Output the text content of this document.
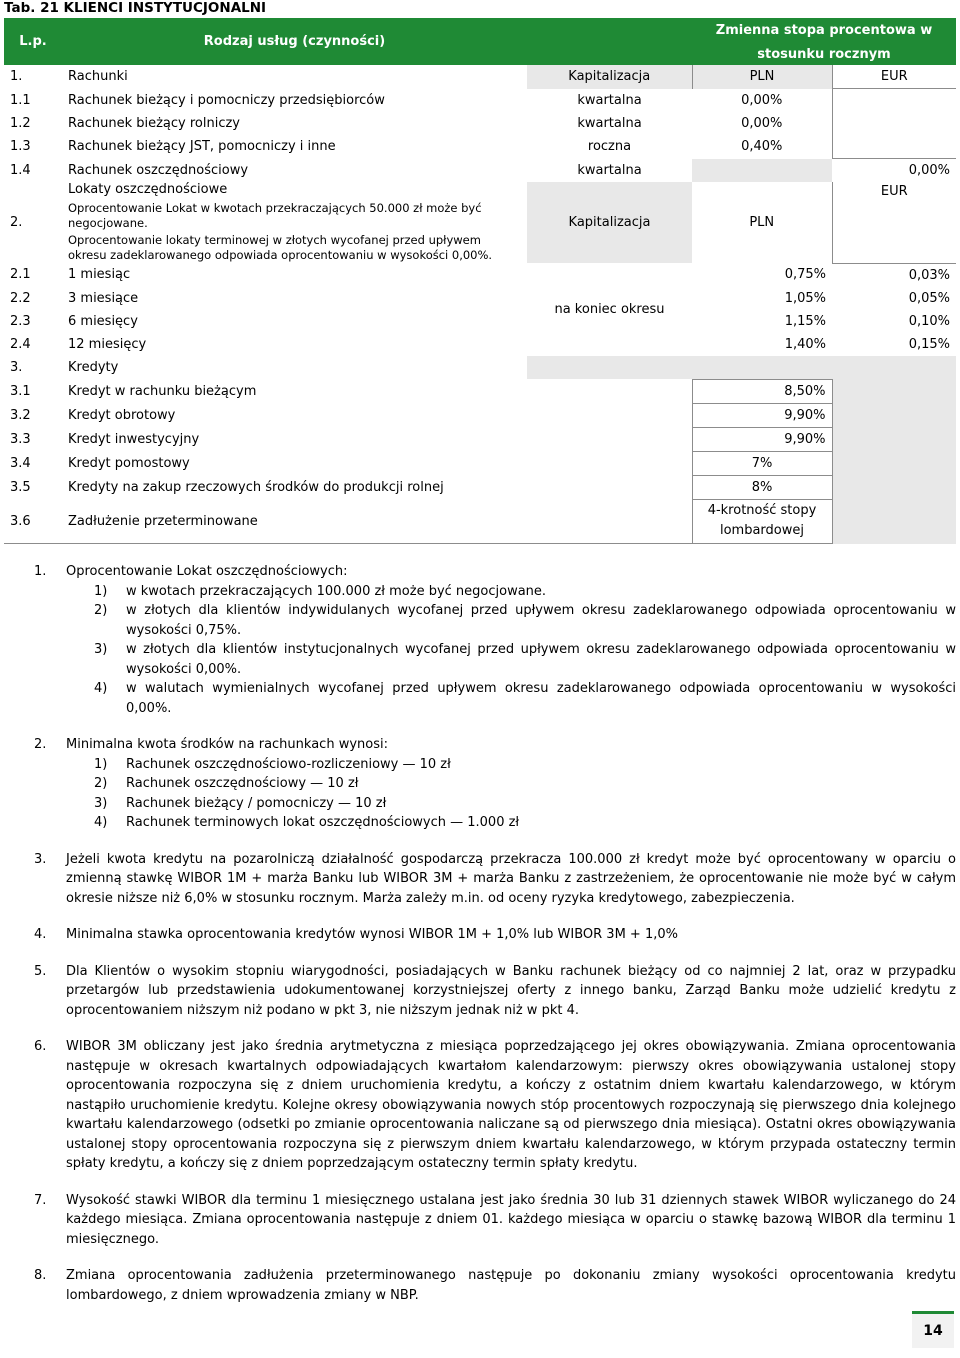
Tab. 21 KLIENCI INSTYTUCJONALNI
L.p.	Rodzaj usług (czynności)		Zmienna stopa procentowa w	
			stosunku rocznym	
1.	Rachunki	Kapitalizacja	PLN	EUR
1.1	Rachunek bieżący i pomocniczy przedsiębiorców	kwartalna	0,00%	
1.2	Rachunek bieżący rolniczy	kwartalna	0,00%	
1.3	Rachunek bieżący JST, pomocniczy i inne	roczna	0,40%	
1.4	Rachunek oszczędnościowy	kwartalna		0,00%
2.	Lokaty oszczędnościowe
Oprocentowanie Lokat w kwotach przekraczających 50.000 zł może być negocjowane.
Oprocentowanie lokaty terminowej w złotych wycofanej przed upływem okresu zadeklarowanego odpowiada oprocentowaniu w wysokości 0,00%.	Kapitalizacja	PLN	EUR
2.1	1 miesiąc	na koniec okresu	0,75%	0,03%
2.2	3 miesiące		1,05%	0,05%
2.3	6 miesięcy		1,15%	0,10%
2.4	12 miesięcy		1,40%	0,15%
3.	Kredyty			
3.1	Kredyt w rachunku bieżącym		8,50%	
3.2	Kredyt obrotowy		9,90%	
3.3	Kredyt inwestycyjny		9,90%	
3.4	Kredyt pomostowy		7%	
3.5	Kredyty na zakup rzeczowych środków do produkcji rolnej		8%	
3.6	Zadłużenie przeterminowane		4-krotność stopy
lombardowej	

1. Oprocentowanie Lokat oszczędnościowych:
1) w kwotach przekraczających 100.000 zł może być negocjowane.
2) w złotych dla klientów indywidulanych wycofanej przed upływem okresu zadeklarowanego odpowiada oprocentowaniu w wysokości 0,75%.
3) w złotych dla klientów instytucjonalnych wycofanej przed upływem okresu zadeklarowanego odpowiada oprocentowaniu w wysokości 0,00%.
4) w walutach wymienialnych wycofanej przed upływem okresu zadeklarowanego odpowiada oprocentowaniu w wysokości 0,00%.
2. Minimalna kwota środków na rachunkach wynosi:
1) Rachunek oszczędnościowo-rozliczeniowy — 10 zł
2) Rachunek oszczędnościowy — 10 zł
3) Rachunek bieżący / pomocniczy — 10 zł
4) Rachunek terminowych lokat oszczędnościowych — 1.000 zł
3. Jeżeli kwota kredytu na pozarolniczą działalność gospodarczą przekracza 100.000 zł kredyt może być oprocentowany w oparciu o zmienną stawkę WIBOR 1M + marża Banku lub WIBOR 3M + marża Banku z zastrzeżeniem, że oprocentowanie nie może być w całym okresie niższe niż 6,0% w stosunku rocznym. Marża zależy m.in. od oceny ryzyka kredytowego, zabezpieczenia.
4. Minimalna stawka oprocentowania kredytów wynosi WIBOR 1M + 1,0% lub WIBOR 3M + 1,0%
5. Dla Klientów o wysokim stopniu wiarygodności, posiadających w Banku rachunek bieżący od co najmniej 2 lat, oraz w przypadku przetargów lub przedstawienia udokumentowanej korzystniejszej oferty z innego banku, Zarząd Banku może udzielić kredytu z oprocentowaniem niższym niż podano w pkt 3, nie niższym jednak niż w pkt 4.
6. WIBOR 3M obliczany jest jako średnia arytmetyczna z miesiąca poprzedzającego jej okres obowiązywania. Zmiana oprocentowania następuje w okresach kwartalnych odpowiadających kwartałom kalendarzowym: pierwszy okres obowiązywania ustalonej stopy oprocentowania rozpoczyna się z dniem uruchomienia kredytu, a kończy z ostatnim dniem kwartału kalendarzowego, w którym nastąpiło uruchomienie kredytu. Kolejne okresy obowiązywania nowych stóp procentowych rozpoczynają się pierwszego dnia kolejnego kwartału kalendarzowego (odsetki po zmianie oprocentowania naliczane są od pierwszego dnia miesiąca). Ostatni okres obowiązywania ustalonej stopy oprocentowania rozpoczyna się z pierwszym dniem kwartału kalendarzowego, w którym przypada ostateczny termin spłaty kredytu, a kończy się z dniem poprzedzającym ostateczny termin spłaty kredytu.
7. Wysokość stawki WIBOR dla terminu 1 miesięcznego ustalana jest jako średnia 30 lub 31 dziennych stawek WIBOR wyliczanego do 24 każdego miesiąca. Zmiana oprocentowania następuje z dniem 01. każdego miesiąca w oparciu o stawkę bazową WIBOR dla terminu 1 miesięcznego.
8. Zmiana oprocentowania zadłużenia przeterminowanego następuje po dokonaniu zmiany wysokości oprocentowania kredytu lombardowego, z dniem wprowadzenia zmiany w NBP.
14
